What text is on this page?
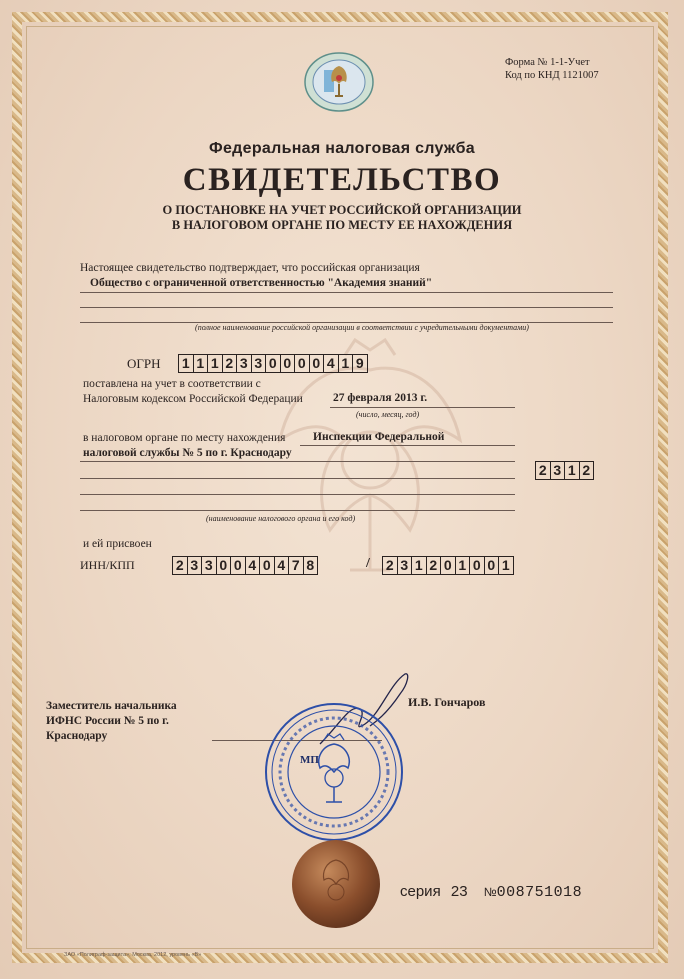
Форма № 1-1-Учет
Код по КНД 1121007
Федеральная налоговая служба
СВИДЕТЕЛЬСТВО
О ПОСТАНОВКЕ НА УЧЕТ РОССИЙСКОЙ ОРГАНИЗАЦИИ
В НАЛОГОВОМ ОРГАНЕ ПО МЕСТУ ЕЕ НАХОЖДЕНИЯ
Настоящее свидетельство подтверждает, что российская организация
Общество с ограниченной ответственностью "Академия знаний"
(полное наименование российской организации в соответствии с учредительными документами)
ОГРН 1 1 1 2 3 3 0 0 0 0 4 1 9
поставлена на учет в соответствии с
Налоговым кодексом Российской Федерации	27 февраля 2013 г.
(число, месяц, год)
в налоговом органе по месту нахождения Инспекции Федеральной
налоговой службы № 5 по г. Краснодару
2 3 1 2
(наименование налогового органа и его код)
и ей присвоен
ИНН/КПП	2 3 3 0 0 4 0 4 7 8	/ 2 3 1 2 0 1 0 0 1
Заместитель начальника
ИФНС России № 5 по г.
Краснодару
И.В. Гончаров
МП
серия 23 №008751018
ЗАО «Полиграф-защита», Москва, 2012, уровень «В»
